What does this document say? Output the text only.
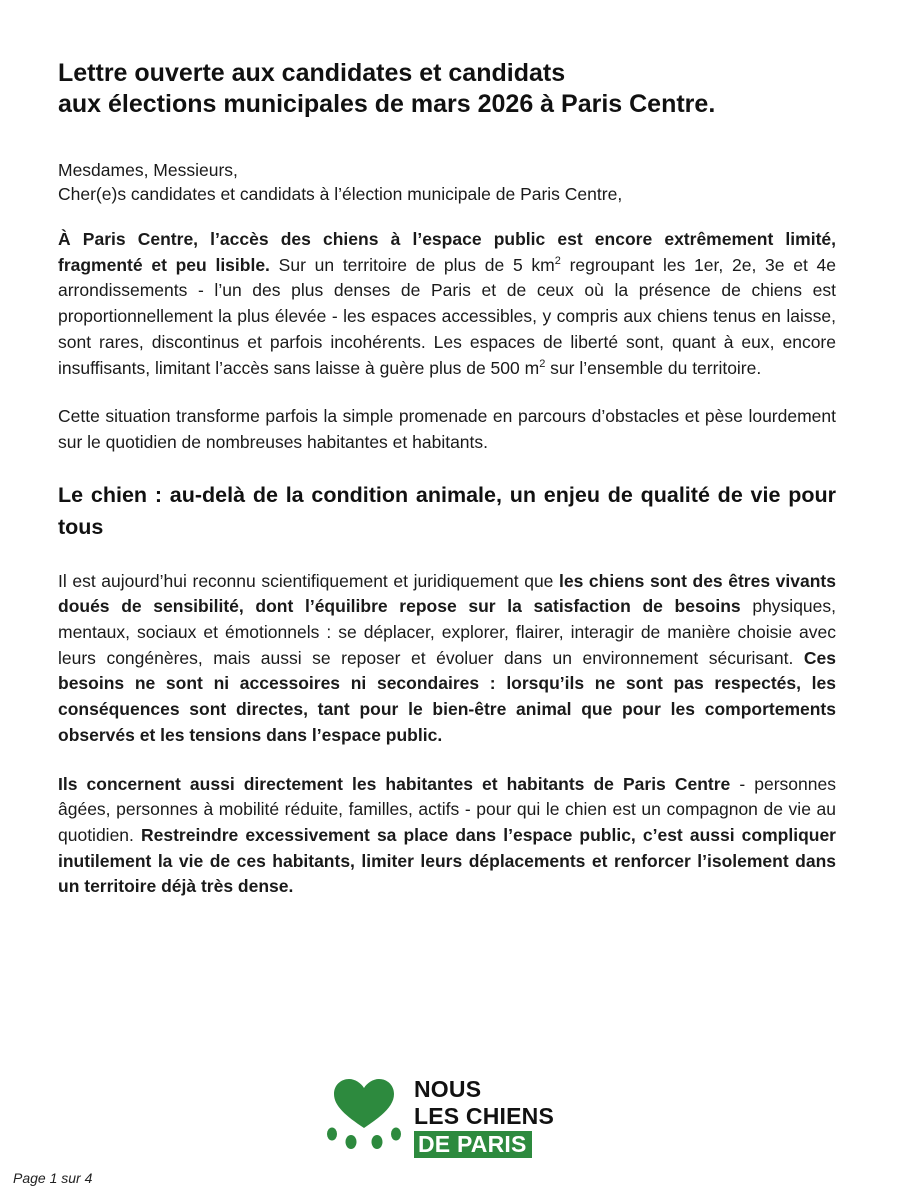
Lettre ouverte aux candidates et candidats
aux élections municipales de mars 2026 à Paris Centre.
Mesdames, Messieurs,
Cher(e)s candidates et candidats à l’élection municipale de Paris Centre,

À Paris Centre, l’accès des chiens à l’espace public est encore extrêmement limité, fragmenté et peu lisible. Sur un territoire de plus de 5 $km^2$ regroupant les 1er, 2e, 3e et 4e arrondissements - l’un des plus denses de Paris et de ceux où la présence de chiens est proportionnellement la plus élevée - les espaces accessibles, y compris aux chiens tenus en laisse, sont rares, discontinus et parfois incohérents. Les espaces de liberté sont, quant à eux, encore insuffisants, limitant l’accès sans laisse à guère plus de 500 $m^2$ sur l’ensemble du territoire.

Cette situation transforme parfois la simple promenade en parcours d’obstacles et pèse lourdement sur le quotidien de nombreuses habitantes et habitants.

Le chien : au-delà de la condition animale, un enjeu de qualité de vie pour tous

Il est aujourd’hui reconnu scientifiquement et juridiquement que les chiens sont des êtres vivants doués de sensibilité, dont l’équilibre repose sur la satisfaction de besoins physiques, mentaux, sociaux et émotionnels : se déplacer, explorer, flairer, interagir de manière choisie avec leurs congénères, mais aussi se reposer et évoluer dans un environnement sécurisant. Ces besoins ne sont ni accessoires ni secondaires : lorsqu’ils ne sont pas respectés, les conséquences sont directes, tant pour le bien-être animal que pour les comportements observés et les tensions dans l’espace public.

Ils concernent aussi directement les habitantes et habitants de Paris Centre - personnes âgées, personnes à mobilité réduite, familles, actifs - pour qui le chien est un compagnon de vie au quotidien. Restreindre excessivement sa place dans l’espace public, c’est aussi compliquer inutilement la vie de ces habitants, limiter leurs déplacements et renforcer l’isolement dans un territoire déjà très dense.

NOUS
LES CHIENS
DE PARIS
Page 1 sur 4
